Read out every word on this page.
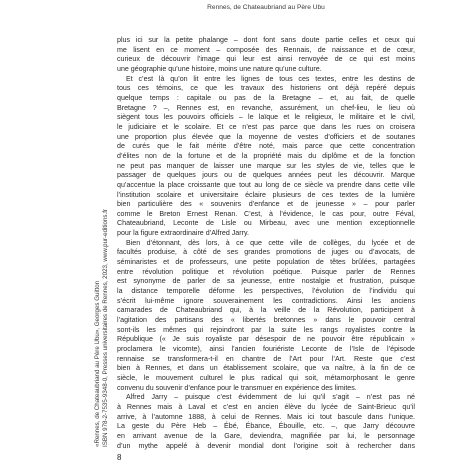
Rennes, de Chateaubriand au Père Ubu
«Rennes, de Chateaubriand au Père Ubu», Georges Guitton ISBN 978-2-7535-9348-0, Presses universitaires de Rennes, 2023, www.pur-editions.fr
plus ici sur la petite phalange – dont font sans doute partie celles et ceux qui
me lisent en ce moment – composée des Rennais, de naissance et de cœur,
curieux de découvrir l’image qui leur est ainsi renvoyée de ce qui est moins
une géographie qu’une histoire, moins une nature qu’une culture.
Et c’est là qu’on lit entre les lignes de tous ces textes, entre les destins de
tous ces témoins, ce que les travaux des historiens ont déjà repéré depuis
quelque temps : capitale ou pas de la Bretagne – et, au fait, de quelle
Bretagne ? –, Rennes est, en revanche, assurément, un chef-lieu, le lieu où
siègent tous les pouvoirs officiels – le laïque et le religieux, le militaire et le civil,
le judiciaire et le scolaire. Et ce n’est pas parce que dans les rues on croisera
une proportion plus élevée que la moyenne de vestes d’officiers et de soutanes
de curés que le fait mérite d’être noté, mais parce que cette concentration
d’élites non de la fortune et de la propriété mais du diplôme et de la fonction
ne peut pas manquer de laisser une marque sur les styles de vie, telles que le
passager de quelques jours ou de quelques années peut les découvrir. Marque
qu’accentue la place croissante que tout au long de ce siècle va prendre dans cette ville
l’institution scolaire et universitaire éclaire plusieurs de ces textes de la lumière
bien particulière des « souvenirs d’enfance et de jeunesse » – pour parler
comme le Breton Ernest Renan. C’est, à l’évidence, le cas pour, outre Féval,
Chateaubriand, Leconte de Lisle ou Mirbeau, avec une mention exceptionnelle
pour la figure extraordinaire d’Alfred Jarry.
Bien d’étonnant, dès lors, à ce que cette ville de collèges, du lycée et de
facultés produise, à côté de ses grandes promotions de juges ou d’avocats, de
séminaristes et de professeurs, une petite population de têtes brûlées, partagées
entre révolution politique et révolution poétique. Puisque parler de Rennes
est synonyme de parler de sa jeunesse, entre nostalgie et frustration, puisque
la distance temporelle déforme les perspectives, l’évolution de l’individu qui
s’écrit lui-même ignore souverainement les contradictions. Ainsi les anciens
camarades de Chateaubriand qui, à la veille de la Révolution, participent à
l’agitation des partisans des « libertés bretonnes » dans le pouvoir central
sont-ils les mêmes qui rejoindront par la suite les rangs royalistes contre la
République (« Je suis royaliste par désespoir de ne pouvoir être républicain »
proclamera le vicomte), ainsi l’ancien fouriériste Leconte de l’Isle de l’épisode
rennaise se transformera-t-il en chantre de l’Art pour l’Art. Reste que c’est
bien à Rennes, et dans un établissement scolaire, que va naître, à la fin de ce
siècle, le mouvement culturel le plus radical qui soit, métamorphosant le genre
convenu du souvenir d’enfance pour le transmuer en expérience des limites.
Alfred Jarry – puisque c’est évidemment de lui qu’il s’agit – n’est pas né
à Rennes mais à Laval et c’est en ancien élève du lycée de Saint-Brieuc qu’il
arrive, à l’automne 1888, à celui de Rennes. Mais ici tout bascule dans l’unique.
La geste du Père Heb – Ébé, Ébance, Ébouille, etc. –, que Jarry découvre
en arrivant avenue de la Gare, deviendra, magnifiée par lui, le personnage
d’un mythe appelé à devenir mondial dont l’origine soit à rechercher dans
8
